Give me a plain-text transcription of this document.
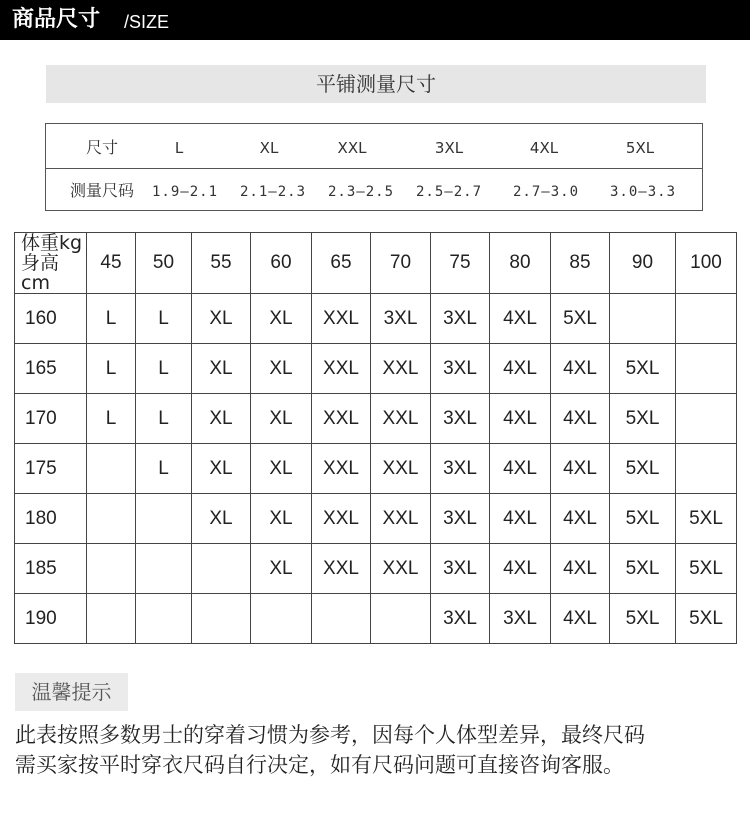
商品尺寸 /SIZE
平铺测量尺寸
尺寸	L	XL	XXL	3XL	4XL	5XL
测量尺码 1.9—2.1 2.1—2.3 2.3—2.5 2.5—2.7 2.7—3.0 3.0—3.3
体重kg
身高cm	45	50	55	60	65	70	75	80	85	90	100
160	L	L	XL	XL	XXL	3XL	3XL	4XL	5XL		
165	L	L	XL	XL	XXL	XXL	3XL	4XL	4XL	5XL	
170	L	L	XL	XL	XXL	XXL	3XL	4XL	4XL	5XL	
175		L	XL	XL	XXL	XXL	3XL	4XL	4XL	5XL	
180			XL	XL	XXL	XXL	3XL	4XL	4XL	5XL	5XL
185				XL	XXL	XXL	3XL	4XL	4XL	5XL	5XL
190							3XL	3XL	4XL	5XL	5XL
温馨提示
此表按照多数男士的穿着习惯为参考，因每个人体型差异，最终尺码
需买家按平时穿衣尺码自行决定，如有尺码问题可直接咨询客服。
